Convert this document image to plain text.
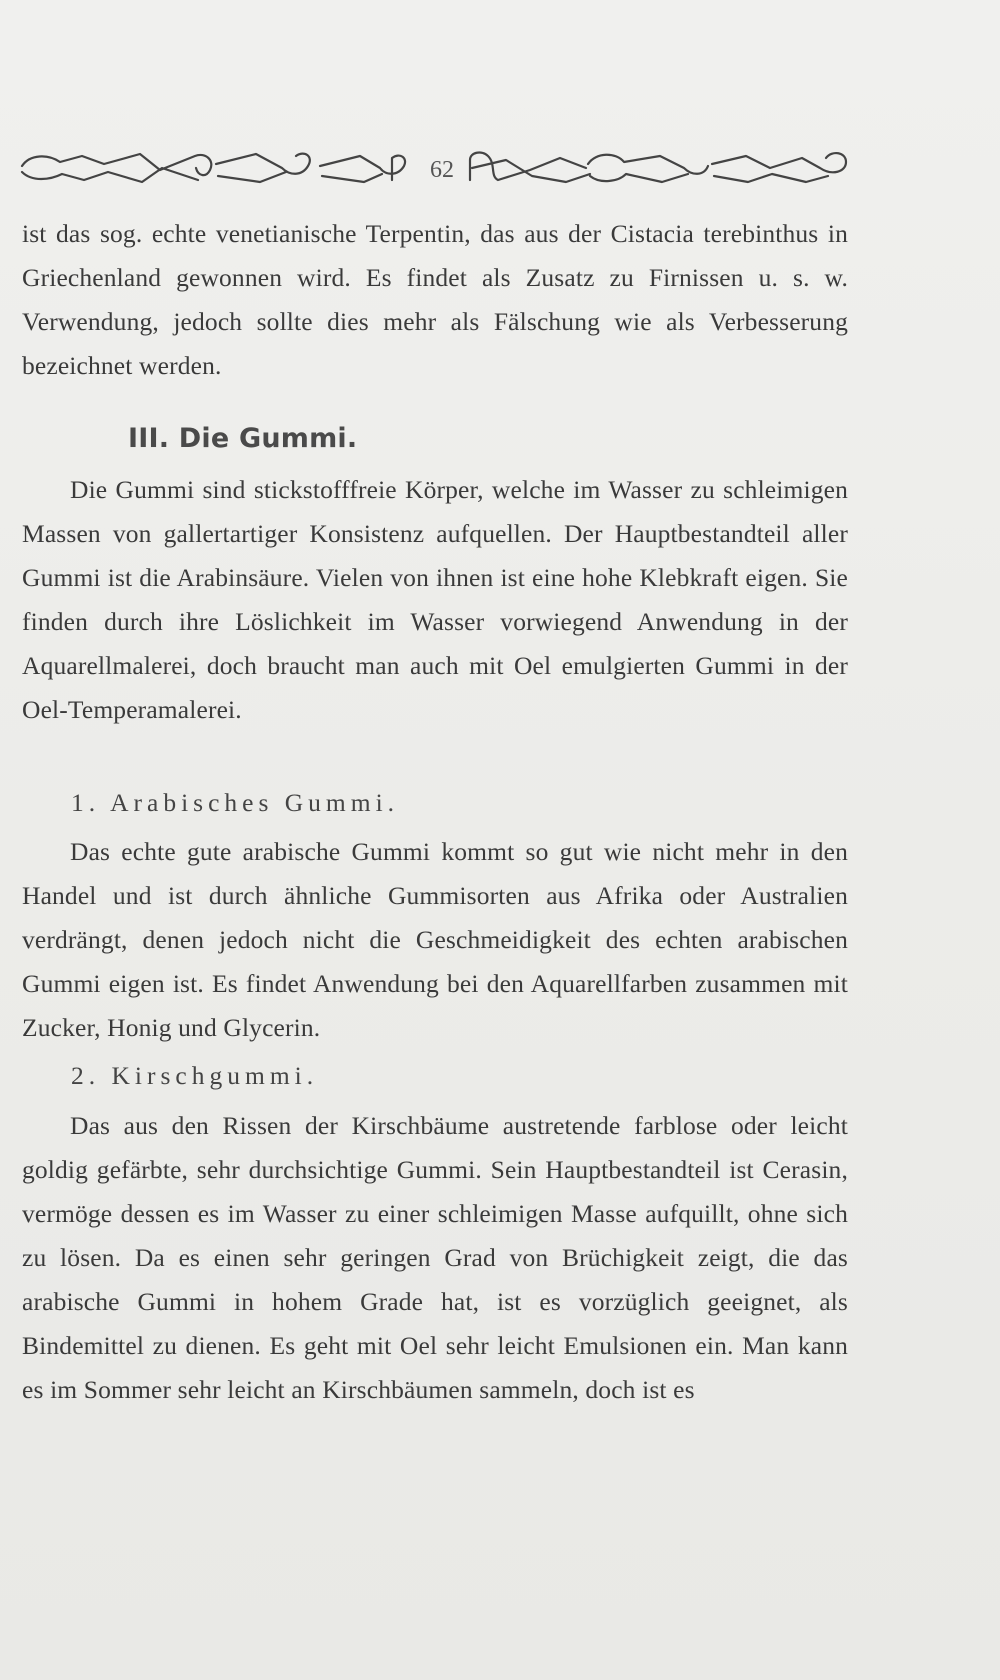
62

ist das sog. echte venetianische Terpentin, das aus der Cistacia terebinthus in Griechenland gewonnen wird. Es findet als Zusatz zu Firnissen u. s. w. Verwendung, jedoch sollte dies mehr als Fälschung wie als Verbesserung bezeichnet werden.

III. Die Gummi.

Die Gummi sind stickstofffreie Körper, welche im Wasser zu schleimigen Massen von gallertartiger Konsistenz aufquellen. Der Hauptbestandteil aller Gummi ist die Arabinsäure. Vielen von ihnen ist eine hohe Klebkraft eigen. Sie finden durch ihre Löslichkeit im Wasser vorwiegend Anwendung in der Aquarellmalerei, doch braucht man auch mit Oel emulgierten Gummi in der Oel-Temperamalerei.

1. Arabisches Gummi.

Das echte gute arabische Gummi kommt so gut wie nicht mehr in den Handel und ist durch ähnliche Gummisorten aus Afrika oder Australien verdrängt, denen jedoch nicht die Geschmeidigkeit des echten arabischen Gummi eigen ist. Es findet Anwendung bei den Aquarellfarben zusammen mit Zucker, Honig und Glycerin.

2. Kirschgummi.

Das aus den Rissen der Kirschbäume austretende farblose oder leicht goldig gefärbte, sehr durchsichtige Gummi. Sein Hauptbestandteil ist Cerasin, vermöge dessen es im Wasser zu einer schleimigen Masse aufquillt, ohne sich zu lösen. Da es einen sehr geringen Grad von Brüchigkeit zeigt, die das arabische Gummi in hohem Grade hat, ist es vorzüglich geeignet, als Bindemittel zu dienen. Es geht mit Oel sehr leicht Emulsionen ein. Man kann es im Sommer sehr leicht an Kirschbäumen sammeln, doch ist es
